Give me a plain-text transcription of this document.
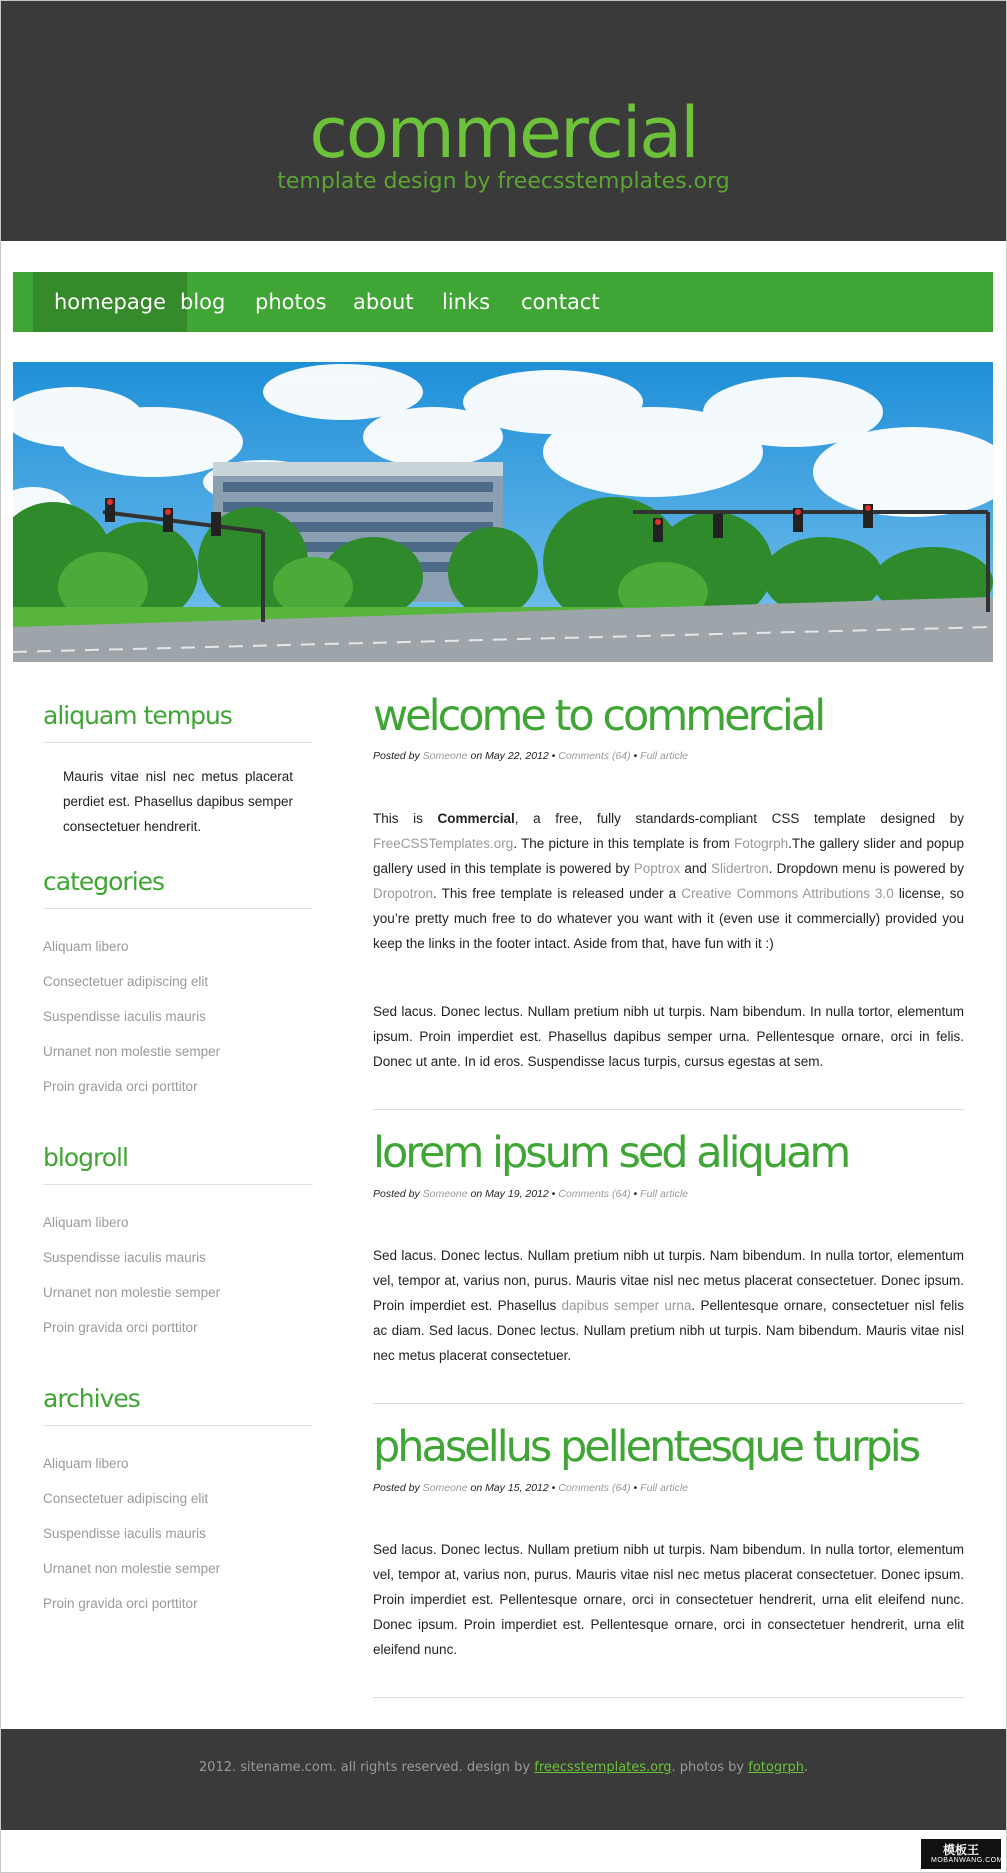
commercial
template design by freecsstemplates.org
homepage blog	photos	about	links	contact
aliquam tempus
Mauris vitae nisl nec metus placerat perdiet est. Phasellus dapibus semper consectetuer hendrerit.
categories
Aliquam libero
Consectetuer adipiscing elit
Suspendisse iaculis mauris
Urnanet non molestie semper
Proin gravida orci porttitor
blogroll
Aliquam libero
Suspendisse iaculis mauris
Urnanet non molestie semper
Proin gravida orci porttitor
archives
Aliquam libero
Consectetuer adipiscing elit
Suspendisse iaculis mauris
Urnanet non molestie semper
Proin gravida orci porttitor
welcome to commercial
Posted by Someone on May 22, 2012 • Comments (64) • Full article
This is Commercial, a free, fully standards-compliant CSS template designed by FreeCSSTemplates.org. The picture in this template is from Fotogrph.The gallery slider and popup gallery used in this template is powered by Poptrox and Slidertron. Dropdown menu is powered by Dropotron. This free template is released under a Creative Commons Attributions 3.0 license, so you’re pretty much free to do whatever you want with it (even use it commercially) provided you keep the links in the footer intact. Aside from that, have fun with it :)
Sed lacus. Donec lectus. Nullam pretium nibh ut turpis. Nam bibendum. In nulla tortor, elementum ipsum. Proin imperdiet est. Phasellus dapibus semper urna. Pellentesque ornare, orci in felis. Donec ut ante. In id eros. Suspendisse lacus turpis, cursus egestas at sem.
lorem ipsum sed aliquam
Posted by Someone on May 19, 2012 • Comments (64) • Full article
Sed lacus. Donec lectus. Nullam pretium nibh ut turpis. Nam bibendum. In nulla tortor, elementum vel, tempor at, varius non, purus. Mauris vitae nisl nec metus placerat consectetuer. Donec ipsum. Proin imperdiet est. Phasellus dapibus semper urna. Pellentesque ornare, consectetuer nisl felis ac diam. Sed lacus. Donec lectus. Nullam pretium nibh ut turpis. Nam bibendum. Mauris vitae nisl nec metus placerat consectetuer.
phasellus pellentesque turpis
Posted by Someone on May 15, 2012 • Comments (64) • Full article
Sed lacus. Donec lectus. Nullam pretium nibh ut turpis. Nam bibendum. In nulla tortor, elementum vel, tempor at, varius non, purus. Mauris vitae nisl nec metus placerat consectetuer. Donec ipsum. Proin imperdiet est. Pellentesque ornare, orci in consectetuer hendrerit, urna elit eleifend nunc. Donec ipsum. Proin imperdiet est. Pellentesque ornare, orci in consectetuer hendrerit, urna elit eleifend nunc.
2012. sitename.com. all rights reserved. design by freecsstemplates.org. photos by fotogrph.
模板王
MOBANWANG.COM
